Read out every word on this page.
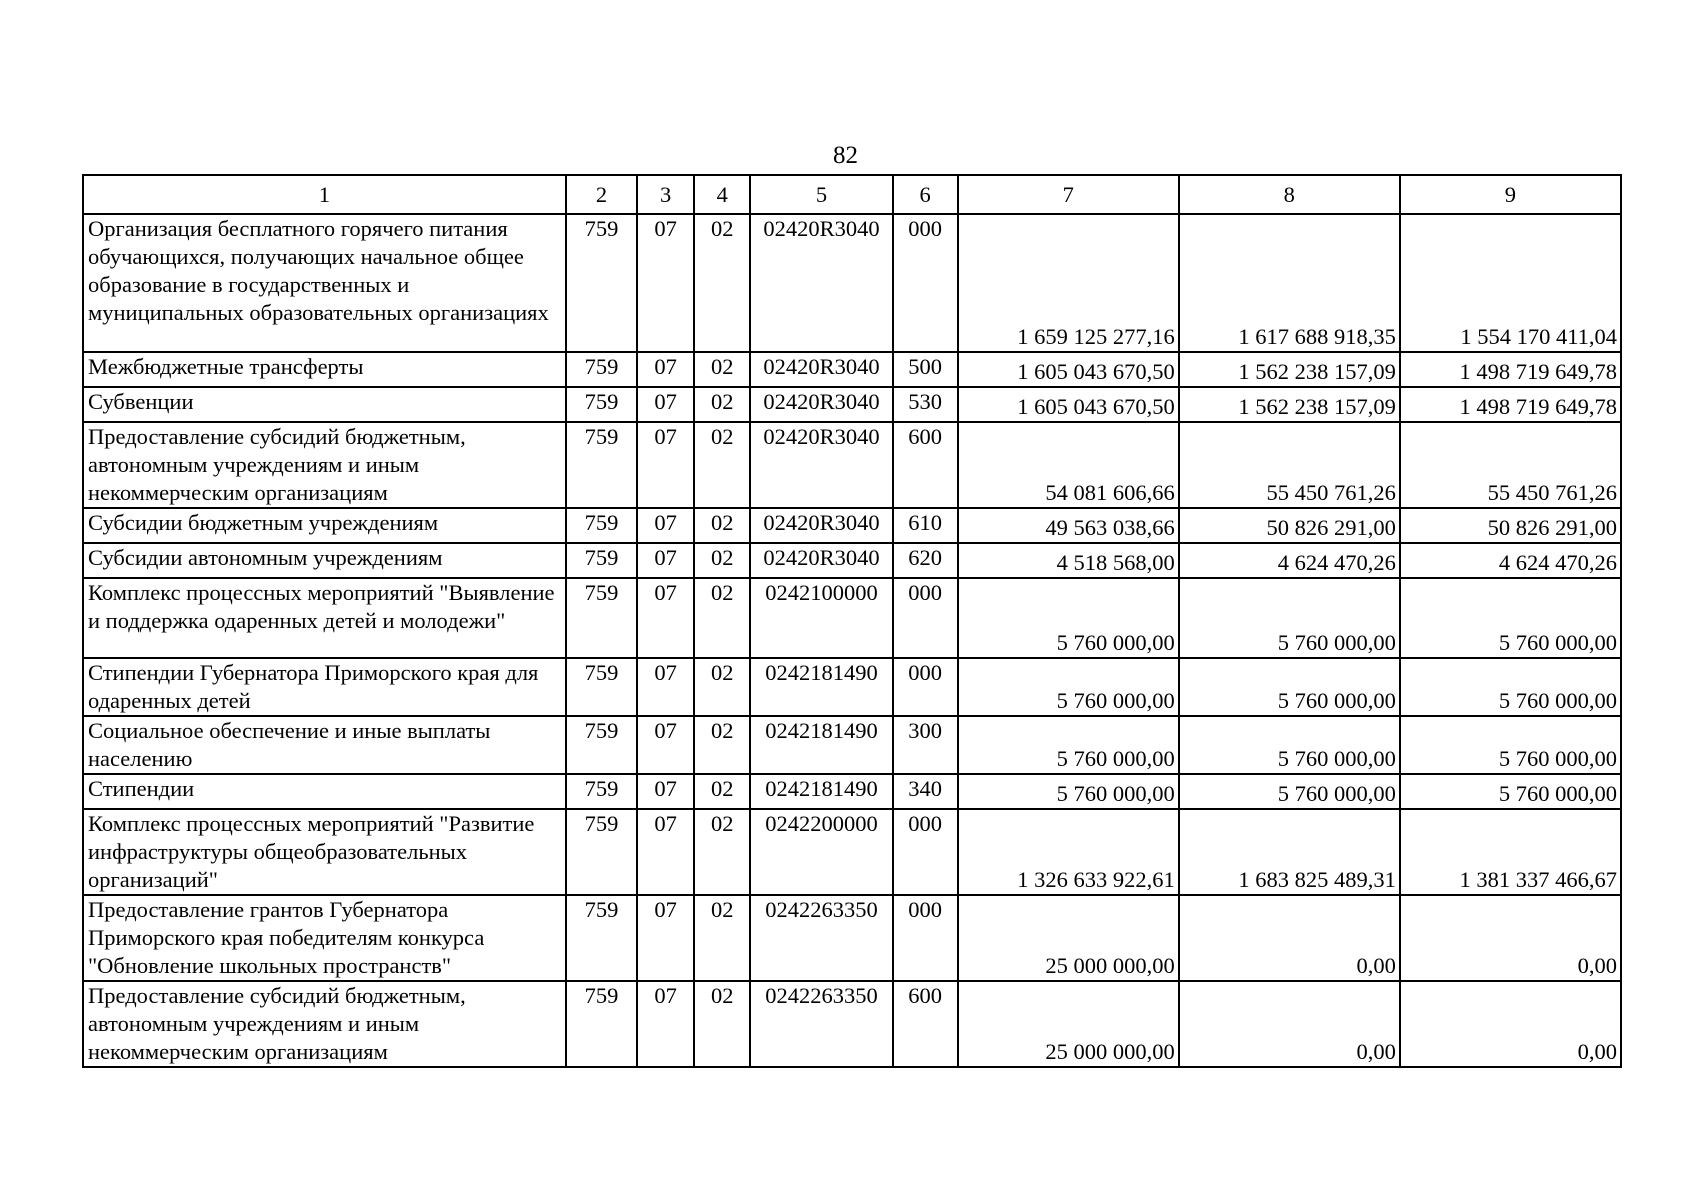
82
1	2	3	4	5	6	7	8	9
Организация бесплатного горячего питания обучающихся, получающих начальное общее образование в государственных и муниципальных образовательных организациях	759	07	02	02420R3040	000	1 659 125 277,16	1 617 688 918,35	1 554 170 411,04
Межбюджетные трансферты	759	07	02	02420R3040	500	1 605 043 670,50	1 562 238 157,09	1 498 719 649,78
Субвенции	759	07	02	02420R3040	530	1 605 043 670,50	1 562 238 157,09	1 498 719 649,78
Предоставление субсидий бюджетным, автономным учреждениям и иным некоммерческим организациям	759	07	02	02420R3040	600	54 081 606,66	55 450 761,26	55 450 761,26
Субсидии бюджетным учреждениям	759	07	02	02420R3040	610	49 563 038,66	50 826 291,00	50 826 291,00
Субсидии автономным учреждениям	759	07	02	02420R3040	620	4 518 568,00	4 624 470,26	4 624 470,26
Комплекс процессных мероприятий "Выявление и поддержка одаренных детей и молодежи"	759	07	02	0242100000	000	5 760 000,00	5 760 000,00	5 760 000,00
Стипендии Губернатора Приморского края для одаренных детей	759	07	02	0242181490	000	5 760 000,00	5 760 000,00	5 760 000,00
Социальное обеспечение и иные выплаты населению	759	07	02	0242181490	300	5 760 000,00	5 760 000,00	5 760 000,00
Стипендии	759	07	02	0242181490	340	5 760 000,00	5 760 000,00	5 760 000,00
Комплекс процессных мероприятий "Развитие инфраструктуры общеобразовательных организаций"	759	07	02	0242200000	000	1 326 633 922,61	1 683 825 489,31	1 381 337 466,67
Предоставление грантов Губернатора Приморского края победителям конкурса "Обновление школьных пространств"	759	07	02	0242263350	000	25 000 000,00	0,00	0,00
Предоставление субсидий бюджетным, автономным учреждениям и иным некоммерческим организациям	759	07	02	0242263350	600	25 000 000,00	0,00	0,00
